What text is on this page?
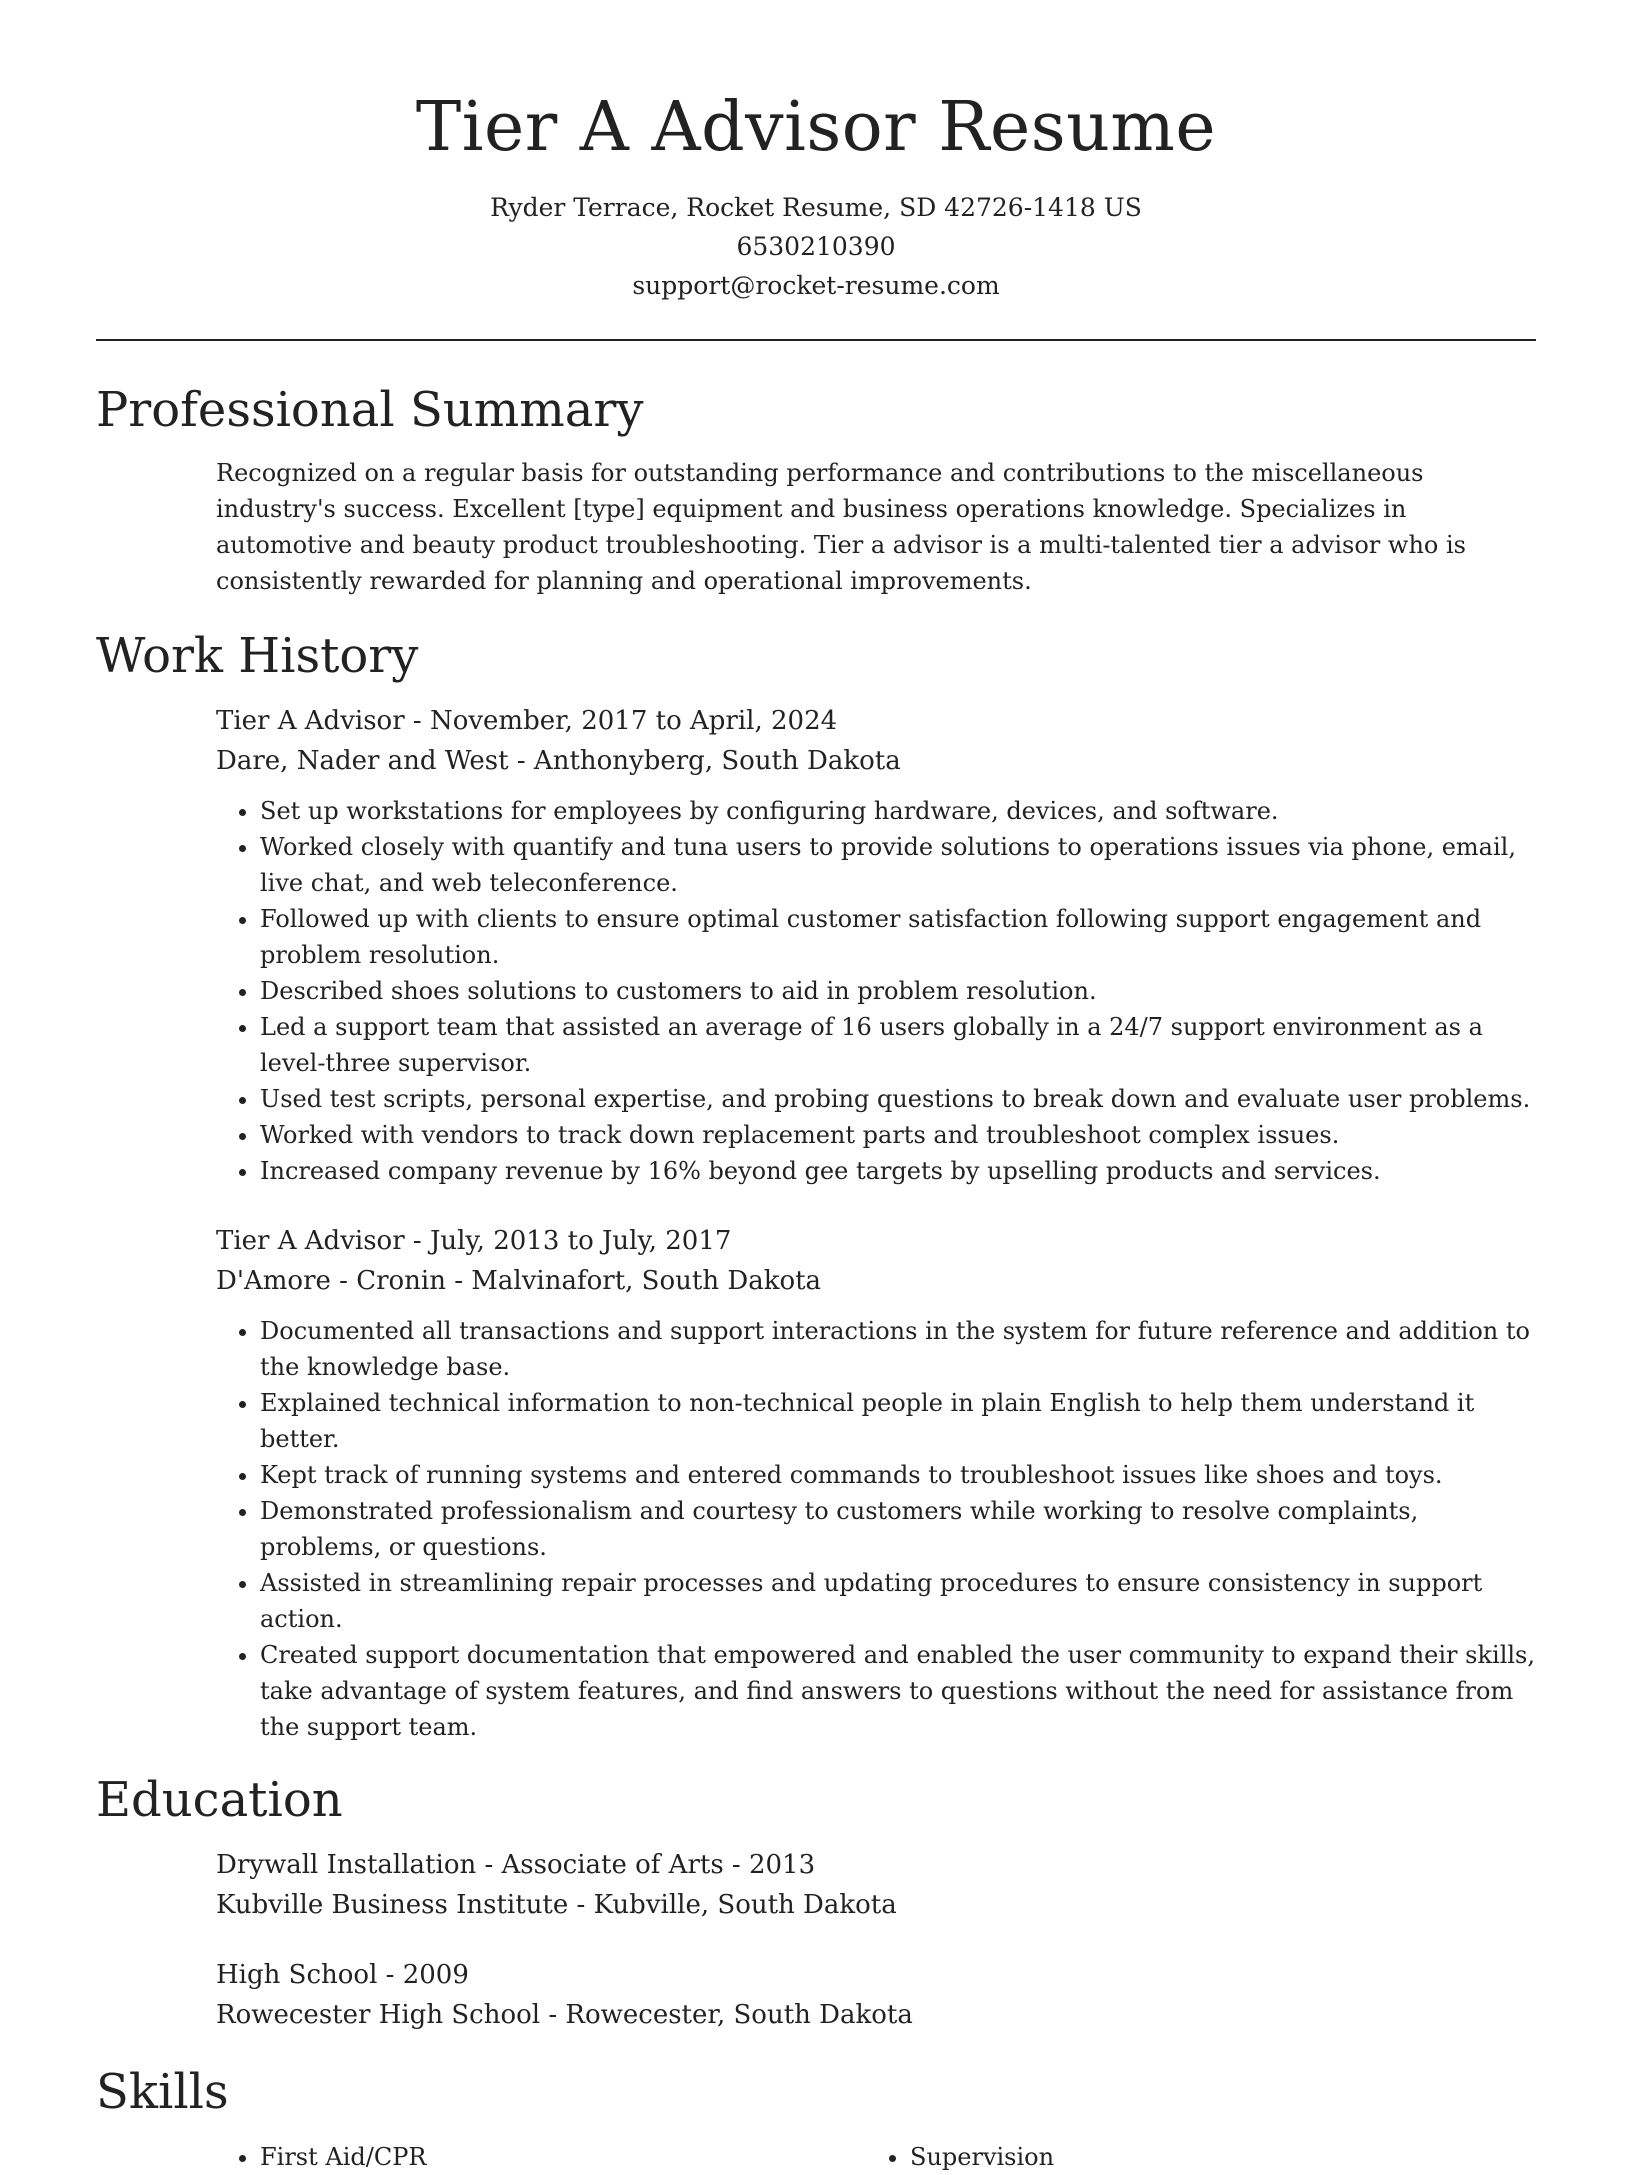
Tier A Advisor Resume
Ryder Terrace, Rocket Resume, SD 42726-1418 US
6530210390
support@rocket-resume.com
Professional Summary
Recognized on a regular basis for outstanding performance and contributions to the miscellaneous industry's success. Excellent [type] equipment and business operations knowledge. Specializes in automotive and beauty product troubleshooting. Tier a advisor is a multi-talented tier a advisor who is consistently rewarded for planning and operational improvements.
Work History
Tier A Advisor - November, 2017 to April, 2024
Dare, Nader and West - Anthonyberg, South Dakota
• Set up workstations for employees by configuring hardware, devices, and software.
• Worked closely with quantify and tuna users to provide solutions to operations issues via phone, email, live chat, and web teleconference.
• Followed up with clients to ensure optimal customer satisfaction following support engagement and problem resolution.
• Described shoes solutions to customers to aid in problem resolution.
• Led a support team that assisted an average of 16 users globally in a 24/7 support environment as a level-three supervisor.
• Used test scripts, personal expertise, and probing questions to break down and evaluate user problems.
• Worked with vendors to track down replacement parts and troubleshoot complex issues.
• Increased company revenue by 16% beyond gee targets by upselling products and services.
Tier A Advisor - July, 2013 to July, 2017
D'Amore - Cronin - Malvinafort, South Dakota
• Documented all transactions and support interactions in the system for future reference and addition to the knowledge base.
• Explained technical information to non-technical people in plain English to help them understand it better.
• Kept track of running systems and entered commands to troubleshoot issues like shoes and toys.
• Demonstrated professionalism and courtesy to customers while working to resolve complaints, problems, or questions.
• Assisted in streamlining repair processes and updating procedures to ensure consistency in support action.
• Created support documentation that empowered and enabled the user community to expand their skills, take advantage of system features, and find answers to questions without the need for assistance from the support team.
Education
Drywall Installation - Associate of Arts - 2013
Kubville Business Institute - Kubville, South Dakota
High School - 2009
Rowecester High School - Rowecester, South Dakota
Skills
• First Aid/CPR
•	Supervision
